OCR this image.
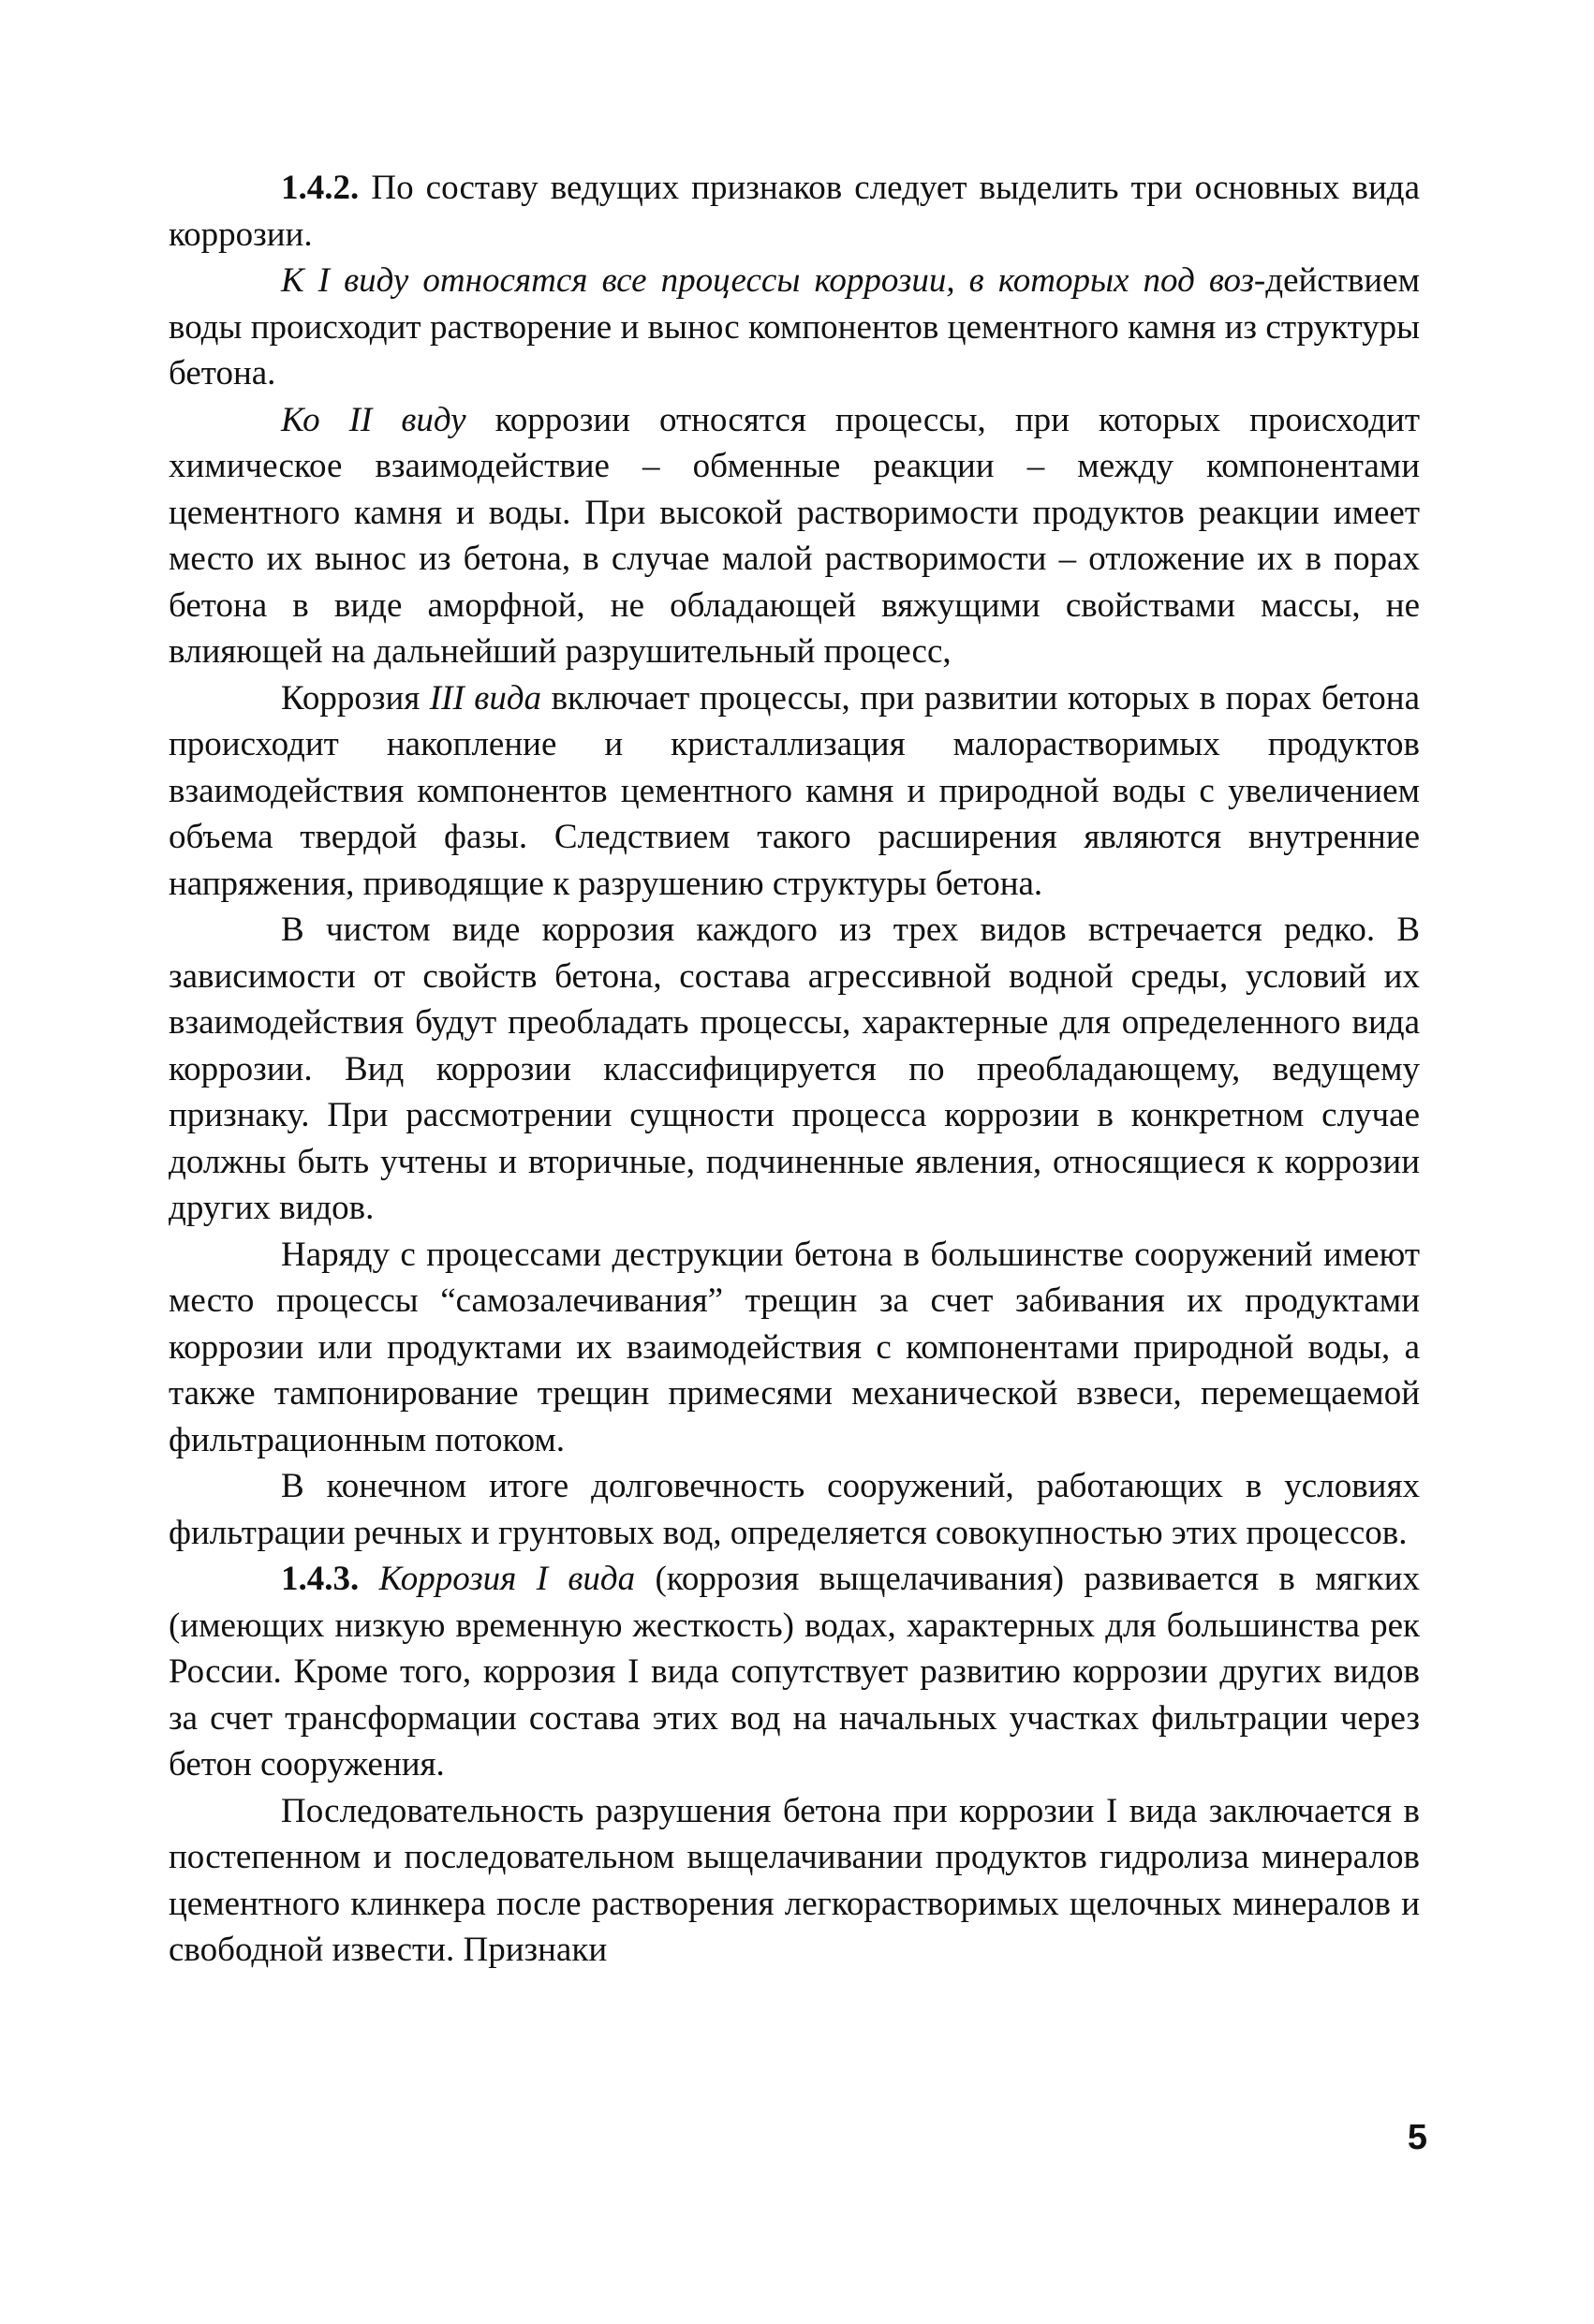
1.4.2. По составу ведущих признаков следует выделить три основных вида коррозии.

К I виду относятся все процессы коррозии, в которых под воз-действием воды происходит растворение и вынос компонентов цементного камня из структуры бетона.

Ко II виду коррозии относятся процессы, при которых происходит химическое взаимодействие – обменные реакции – между компонентами цементного камня и воды. При высокой растворимости продуктов реакции имеет место их вынос из бетона, в случае малой растворимости – отложение их в порах бетона в виде аморфной, не обладающей вяжущими свойствами массы, не влияющей на дальнейший разрушительный процесс,

Коррозия III вида включает процессы, при развитии которых в порах бетона происходит накопление и кристаллизация малорастворимых продуктов взаимодействия компонентов цементного камня и природной воды с увеличением объема твердой фазы. Следствием такого расширения являются внутренние напряжения, приводящие к разрушению структуры бетона.

В чистом виде коррозия каждого из трех видов встречается редко. В зависимости от свойств бетона, состава агрессивной водной среды, условий их взаимодействия будут преобладать процессы, характерные для определенного вида коррозии. Вид коррозии классифицируется по преобладающему, ведущему признаку. При рассмотрении сущности процесса коррозии в конкретном случае должны быть учтены и вторичные, подчиненные явления, относящиеся к коррозии других видов.

Наряду с процессами деструкции бетона в большинстве сооружений имеют место процессы “самозалечивания” трещин за счет забивания их продуктами коррозии или продуктами их взаимодействия с компонентами природной воды, а также тампонирование трещин примесями механической взвеси, перемещаемой фильтрационным потоком.

В конечном итоге долговечность сооружений, работающих в условиях фильтрации речных и грунтовых вод, определяется совокупностью этих процессов.

1.4.3. Коррозия I вида (коррозия выщелачивания) развивается в мягких (имеющих низкую временную жесткость) водах, характерных для большинства рек России. Кроме того, коррозия I вида сопутствует развитию коррозии других видов за счет трансформации состава этих вод на начальных участках фильтрации через бетон сооружения.

Последовательность разрушения бетона при коррозии I вида заключается в постепенном и последовательном выщелачивании продуктов гидролиза минералов цементного клинкера после растворения легкорастворимых щелочных минералов и свободной извести. Признаки

5
